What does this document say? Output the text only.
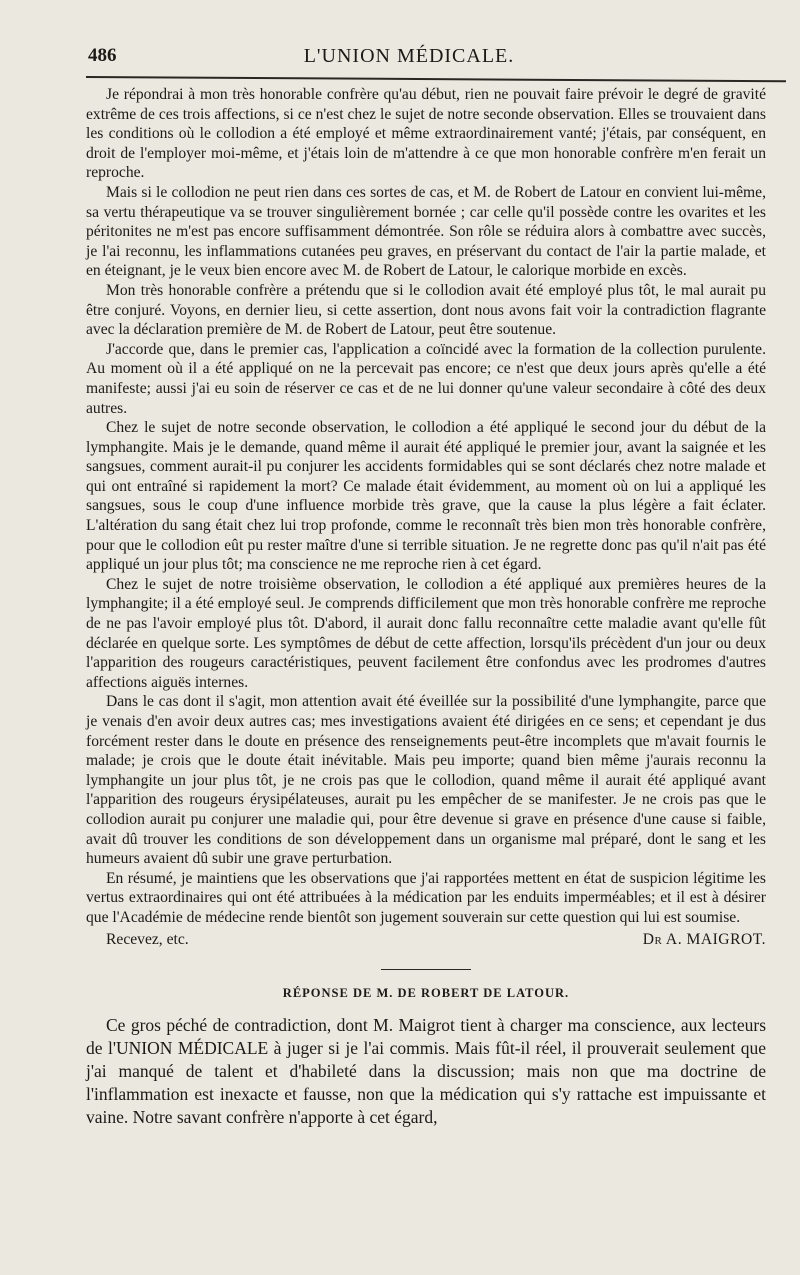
486	L'UNION MÉDICALE.

Je répondrai à mon très honorable confrère qu'au début, rien ne pouvait faire prévoir le degré de gravité extrême de ces trois affections, si ce n'est chez le sujet de notre seconde observation. Elles se trouvaient dans les conditions où le collodion a été employé et même extraordinairement vanté; j'étais, par conséquent, en droit de l'employer moi-même, et j'étais loin de m'attendre à ce que mon honorable confrère m'en ferait un reproche.

Mais si le collodion ne peut rien dans ces sortes de cas, et M. de Robert de Latour en convient lui-même, sa vertu thérapeutique va se trouver singulièrement bornée ; car celle qu'il possède contre les ovarites et les péritonites ne m'est pas encore suffisamment démontrée. Son rôle se réduira alors à combattre avec succès, je l'ai reconnu, les inflammations cutanées peu graves, en préservant du contact de l'air la partie malade, et en éteignant, je le veux bien encore avec M. de Robert de Latour, le calorique morbide en excès.

Mon très honorable confrère a prétendu que si le collodion avait été employé plus tôt, le mal aurait pu être conjuré. Voyons, en dernier lieu, si cette assertion, dont nous avons fait voir la contradiction flagrante avec la déclaration première de M. de Robert de Latour, peut être soutenue.

J'accorde que, dans le premier cas, l'application a coïncidé avec la formation de la collection purulente. Au moment où il a été appliqué on ne la percevait pas encore; ce n'est que deux jours après qu'elle a été manifeste; aussi j'ai eu soin de réserver ce cas et de ne lui donner qu'une valeur secondaire à côté des deux autres.

Chez le sujet de notre seconde observation, le collodion a été appliqué le second jour du début de la lymphangite. Mais je le demande, quand même il aurait été appliqué le premier jour, avant la saignée et les sangsues, comment aurait-il pu conjurer les accidents formidables qui se sont déclarés chez notre malade et qui ont entraîné si rapidement la mort? Ce malade était évidemment, au moment où on lui a appliqué les sangsues, sous le coup d'une influence morbide très grave, que la cause la plus légère a fait éclater. L'altération du sang était chez lui trop profonde, comme le reconnaît très bien mon très honorable confrère, pour que le collodion eût pu rester maître d'une si terrible situation. Je ne regrette donc pas qu'il n'ait pas été appliqué un jour plus tôt; ma conscience ne me reproche rien à cet égard.

Chez le sujet de notre troisième observation, le collodion a été appliqué aux premières heures de la lymphangite; il a été employé seul. Je comprends difficilement que mon très honorable confrère me reproche de ne pas l'avoir employé plus tôt. D'abord, il aurait donc fallu reconnaître cette maladie avant qu'elle fût déclarée en quelque sorte. Les symptômes de début de cette affection, lorsqu'ils précèdent d'un jour ou deux l'apparition des rougeurs caractéristiques, peuvent facilement être confondus avec les prodromes d'autres affections aiguës internes.

Dans le cas dont il s'agit, mon attention avait été éveillée sur la possibilité d'une lymphangite, parce que je venais d'en avoir deux autres cas; mes investigations avaient été dirigées en ce sens; et cependant je dus forcément rester dans le doute en présence des renseignements peut-être incomplets que m'avait fournis le malade; je crois que le doute était inévitable. Mais peu importe; quand bien même j'aurais reconnu la lymphangite un jour plus tôt, je ne crois pas que le collodion, quand même il aurait été appliqué avant l'apparition des rougeurs érysipélateuses, aurait pu les empêcher de se manifester. Je ne crois pas que le collodion aurait pu conjurer une maladie qui, pour être devenue si grave en présence d'une cause si faible, avait dû trouver les conditions de son développement dans un organisme mal préparé, dont le sang et les humeurs avaient dû subir une grave perturbation.

En résumé, je maintiens que les observations que j'ai rapportées mettent en état de suspicion légitime les vertus extraordinaires qui ont été attribuées à la médication par les enduits imperméables; et il est à désirer que l'Académie de médecine rende bientôt son jugement souverain sur cette question qui lui est soumise.

Recevez, etc.	Dr A. MAIGROT.
RÉPONSE DE M. DE ROBERT DE LATOUR.

Ce gros péché de contradiction, dont M. Maigrot tient à charger ma conscience, aux lecteurs de l'UNION MÉDICALE à juger si je l'ai commis. Mais fût-il réel, il prouverait seulement que j'ai manqué de talent et d'habileté dans la discussion; mais non que ma doctrine de l'inflammation est inexacte et fausse, non que la médication qui s'y rattache est impuissante et vaine. Notre savant confrère n'apporte à cet égard,
